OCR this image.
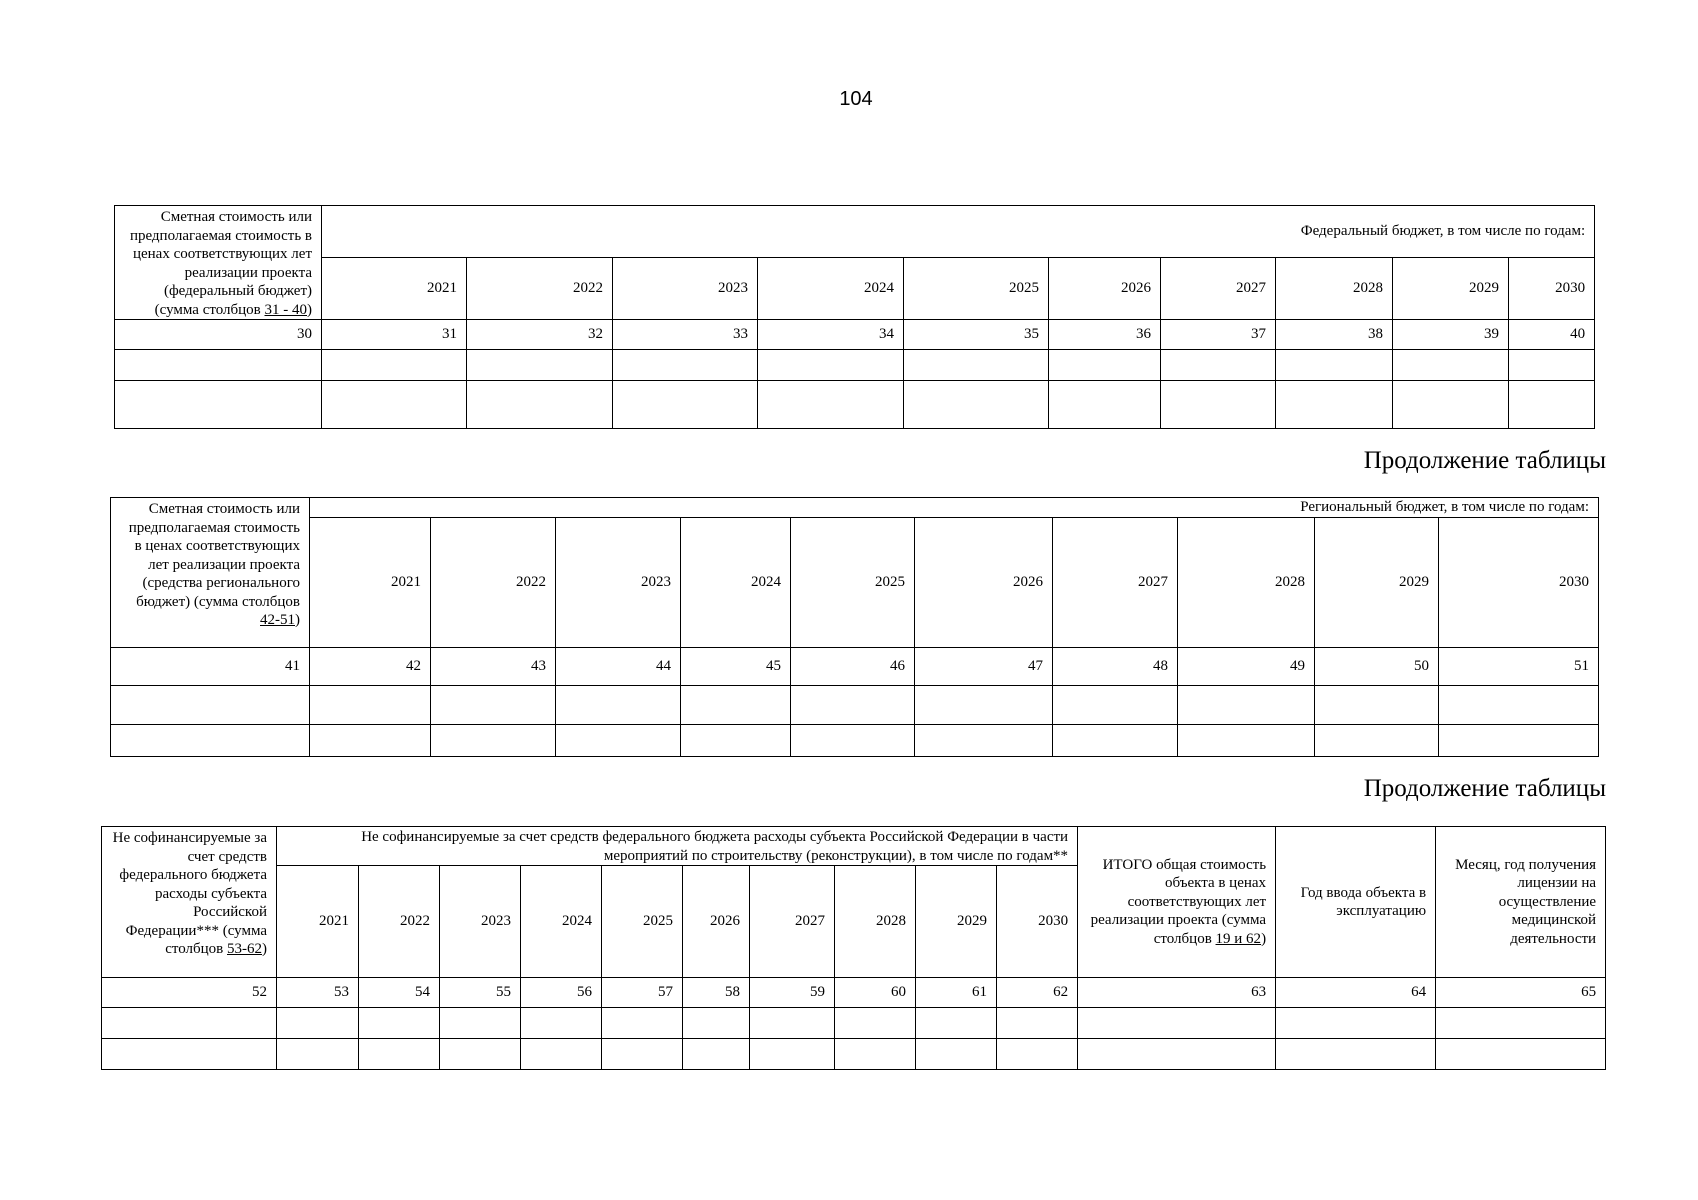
104
Сметная стоимость или предполагаемая стоимость в ценах соответствующих лет реализации проекта (федеральный бюджет) (сумма столбцов 31 - 40)	Федеральный бюджет, в том числе по годам:									
	2021	2022	2023	2024	2025	2026	2027	2028	2029	2030
30	31	32	33	34	35	36	37	38	39	40

Продолжение таблицы
Сметная стоимость или предполагаемая стоимость в ценах соответствующих лет реализации проекта (средства регионального бюджет) (сумма столбцов 42-51)	Региональный бюджет, в том числе по годам:									
	2021	2022	2023	2024	2025	2026	2027	2028	2029	2030
41	42	43	44	45	46	47	48	49	50	51

Продолжение таблицы
Не софинансируемые за счет средств федерального бюджета расходы субъекта Российской Федерации*** (сумма столбцов 53-62)	Не софинансируемые за счет средств федерального бюджета расходы субъекта Российской Федерации в части мероприятий по строительству (реконструкции), в том числе по годам**										ИТОГО общая стоимость объекта в ценах соответствующих лет реализации проекта (сумма столбцов 19 и 62)	Год ввода объекта в эксплуатацию	Месяц, год получения лицензии на осуществление медицинской деятельности
	2021	2022	2023	2024	2025	2026	2027	2028	2029	2030			
52	53	54	55	56	57	58	59	60	61	62	63	64	65
